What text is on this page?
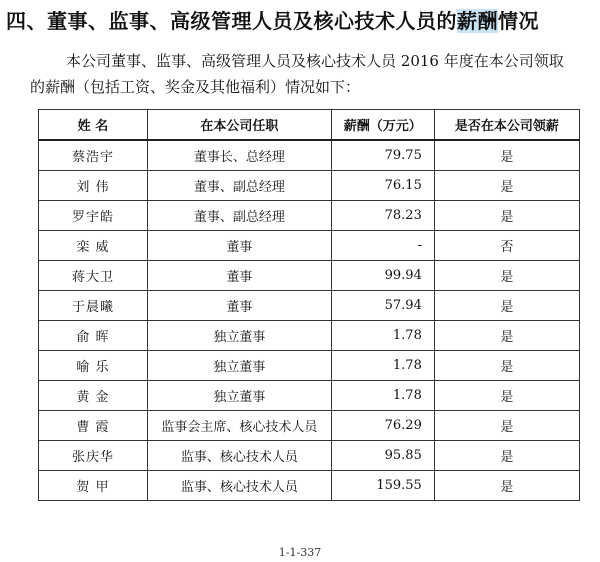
四、董事、监事、高级管理人员及核心技术人员的薪酬情况

本公司董事、监事、高级管理人员及核心技术人员 2016 年度在本公司领取

的薪酬（包括工资、奖金及其他福利）情况如下：

姓 名	在本公司任职	薪酬（万元）	是否在本公司领薪
蔡浩宇	董事长、总经理	79.75	是
刘 伟	董事、副总经理	76.15	是
罗宇皓	董事、副总经理	78.23	是
栾 威	董事	-	否
蒋大卫	董事	99.94	是
于晨曦	董事	57.94	是
俞 晖	独立董事	1.78	是
喻 乐	独立董事	1.78	是
黄 金	独立董事	1.78	是
曹 霞	监事会主席、核心技术人员	76.29	是
张庆华	监事、核心技术人员	95.85	是
贺 甲	监事、核心技术人员	159.55	是
1-1-337
